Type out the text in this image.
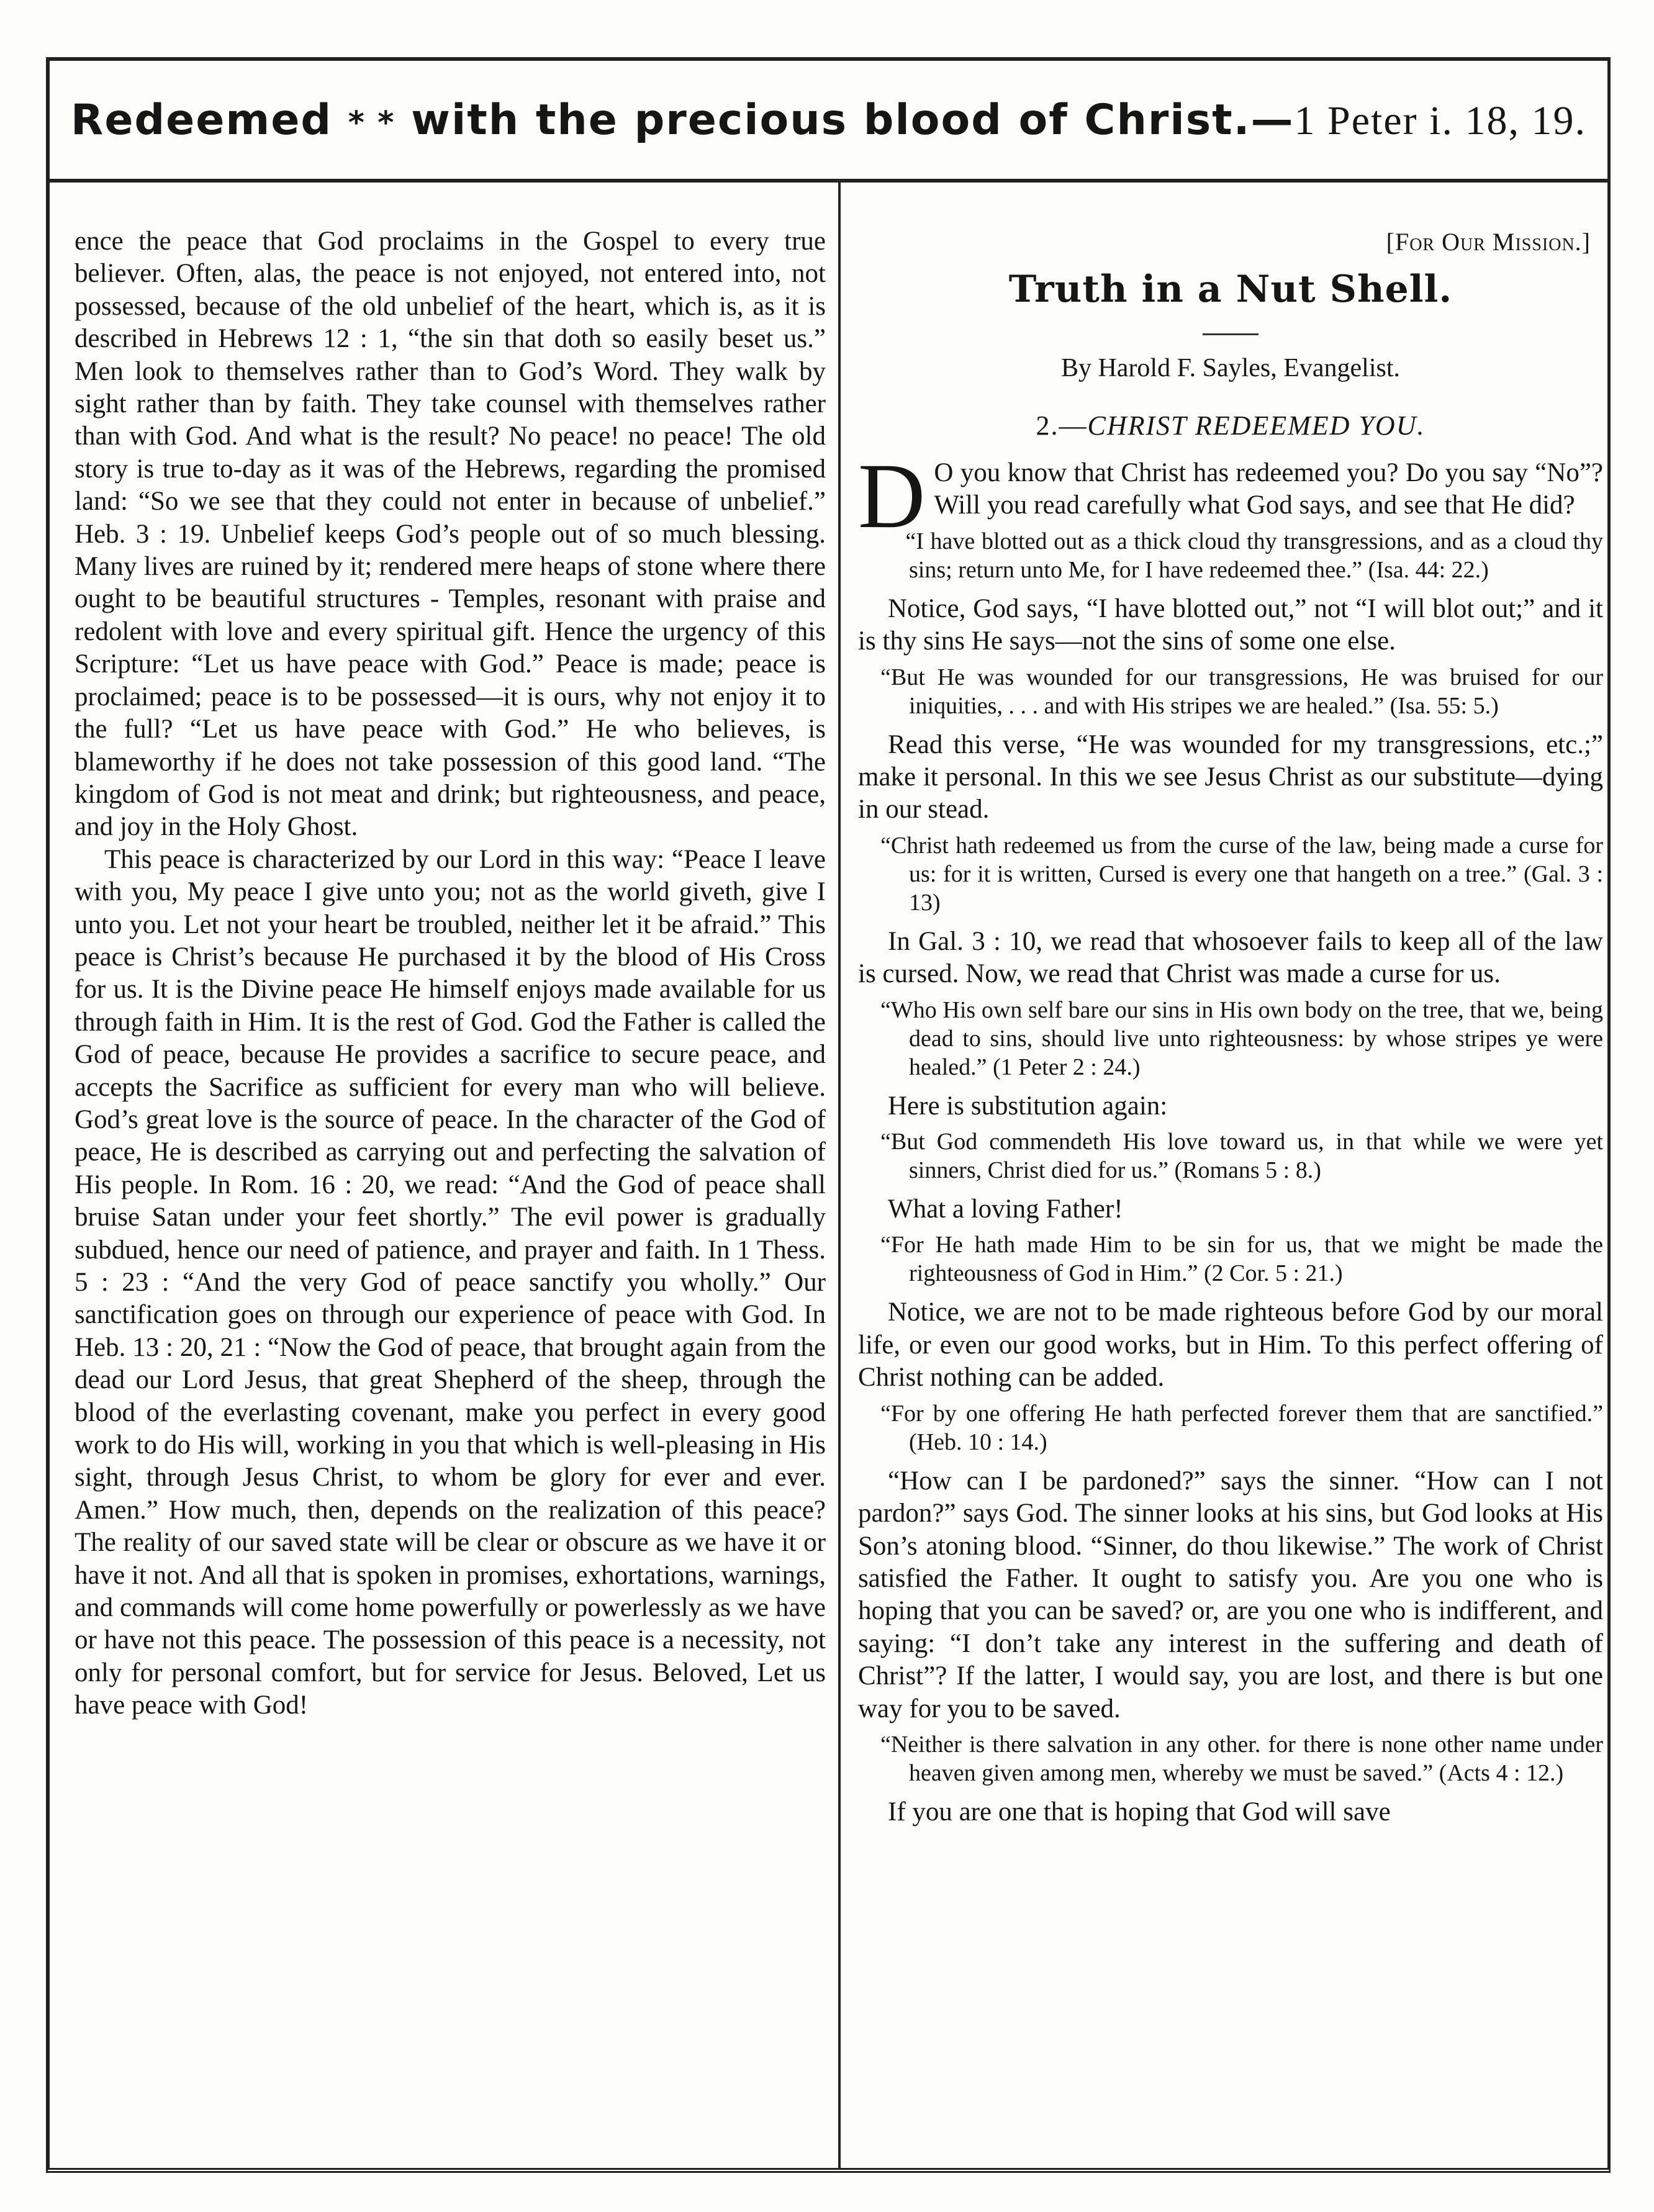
Redeemed * * with the precious blood of Christ.—1 Peter i. 18, 19.

ence the peace that God proclaims in the Gospel to every true believer. Often, alas, the peace is not enjoyed, not entered into, not possessed, because of the old unbelief of the heart, which is, as it is described in Hebrews 12 : 1, “the sin that doth so easily beset us.” Men look to themselves rather than to God’s Word. They walk by sight rather than by faith. They take counsel with themselves rather than with God. And what is the result? No peace! no peace! The old story is true to-day as it was of the Hebrews, regarding the promised land: “So we see that they could not enter in because of unbelief.” Heb. 3 : 19. Unbelief keeps God’s people out of so much blessing. Many lives are ruined by it; rendered mere heaps of stone where there ought to be beautiful structures - Temples, resonant with praise and redolent with love and every spiritual gift. Hence the urgency of this Scripture: “Let us have peace with God.” Peace is made; peace is proclaimed; peace is to be possessed—it is ours, why not enjoy it to the full? “Let us have peace with God.” He who believes, is blameworthy if he does not take possession of this good land. “The kingdom of God is not meat and drink; but righteousness, and peace, and joy in the Holy Ghost.

This peace is characterized by our Lord in this way: “Peace I leave with you, My peace I give unto you; not as the world giveth, give I unto you. Let not your heart be troubled, neither let it be afraid.” This peace is Christ’s because He purchased it by the blood of His Cross for us. It is the Divine peace He himself enjoys made available for us through faith in Him. It is the rest of God. God the Father is called the God of peace, because He provides a sacrifice to secure peace, and accepts the Sacrifice as sufficient for every man who will believe. God’s great love is the source of peace. In the character of the God of peace, He is described as carrying out and perfecting the salvation of His people. In Rom. 16 : 20, we read: “And the God of peace shall bruise Satan under your feet shortly.” The evil power is gradually subdued, hence our need of patience, and prayer and faith. In 1 Thess. 5 : 23 : “And the very God of peace sanctify you wholly.” Our sanctification goes on through our experience of peace with God. In Heb. 13 : 20, 21 : “Now the God of peace, that brought again from the dead our Lord Jesus, that great Shepherd of the sheep, through the blood of the everlasting covenant, make you perfect in every good work to do His will, working in you that which is well-pleasing in His sight, through Jesus Christ, to whom be glory for ever and ever. Amen.” How much, then, depends on the realization of this peace? The reality of our saved state will be clear or obscure as we have it or have it not. And all that is spoken in promises, exhortations, warnings, and commands will come home powerfully or powerlessly as we have or have not this peace. The possession of this peace is a necessity, not only for personal comfort, but for service for Jesus. Beloved, Let us have peace with God!

[For Our Mission.]
Truth in a Nut Shell.
By Harold F. Sayles, Evangelist.
2.—CHRIST REDEEMED YOU.

D O you know that Christ has redeemed you? Do you say “No”? Will you read carefully what God says, and see that He did?

“I have blotted out as a thick cloud thy transgressions, and as a cloud thy sins; return unto Me, for I have redeemed thee.” (Isa. 44: 22.)

Notice, God says, “I have blotted out,” not “I will blot out;” and it is thy sins He says—not the sins of some one else.

“But He was wounded for our transgressions, He was bruised for our iniquities, . . . and with His stripes we are healed.” (Isa. 55: 5.)

Read this verse, “He was wounded for my transgressions, etc.;” make it personal. In this we see Jesus Christ as our substitute—dying in our stead.

“Christ hath redeemed us from the curse of the law, being made a curse for us: for it is written, Cursed is every one that hangeth on a tree.” (Gal. 3 : 13)

In Gal. 3 : 10, we read that whosoever fails to keep all of the law is cursed. Now, we read that Christ was made a curse for us.

“Who His own self bare our sins in His own body on the tree, that we, being dead to sins, should live unto righteousness: by whose stripes ye were healed.” (1 Peter 2 : 24.)

Here is substitution again:

“But God commendeth His love toward us, in that while we were yet sinners, Christ died for us.” (Romans 5 : 8.)

What a loving Father!

“For He hath made Him to be sin for us, that we might be made the righteousness of God in Him.” (2 Cor. 5 : 21.)

Notice, we are not to be made righteous before God by our moral life, or even our good works, but in Him. To this perfect offering of Christ nothing can be added.

“For by one offering He hath perfected forever them that are sanctified.” (Heb. 10 : 14.)

“How can I be pardoned?” says the sinner. “How can I not pardon?” says God. The sinner looks at his sins, but God looks at His Son’s atoning blood. “Sinner, do thou likewise.” The work of Christ satisfied the Father. It ought to satisfy you. Are you one who is hoping that you can be saved? or, are you one who is indifferent, and saying: “I don’t take any interest in the suffering and death of Christ”? If the latter, I would say, you are lost, and there is but one way for you to be saved.

“Neither is there salvation in any other. for there is none other name under heaven given among men, whereby we must be saved.” (Acts 4 : 12.)

If you are one that is hoping that God will save
